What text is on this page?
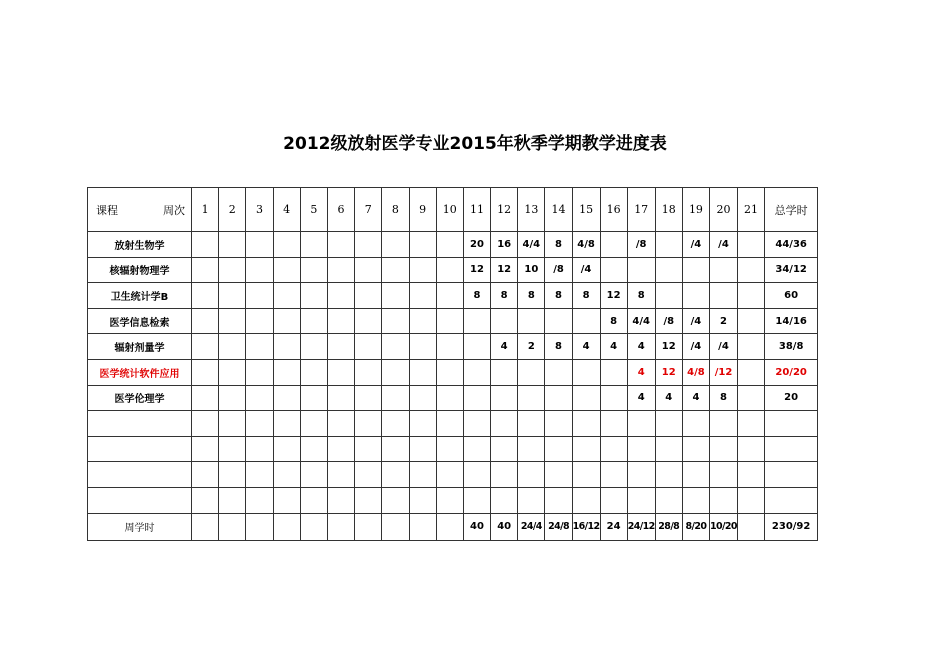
2012级放射医学专业2015年秋季学期教学进度表
课程 周次	1	2	3	4	5	6	7	8	9	10	11	12	13	14	15	16	17	18	19	20	21	总学时
放射生物学											20	16	4/4	8	4/8		/8		/4	/4		44/36
核辐射物理学											12	12	10	/8	/4							34/12
卫生统计学B											8	8	8	8	8	12	8					60
医学信息检索																8	4/4	/8	/4	2		14/16
辐射剂量学												4	2	8	4	4	4	12	/4	/4		38/8
医学统计软件应用																	4	12	4/8	/12		20/20
医学伦理学																	4	4	4	8		20

周学时											40	40	24/4	24/8	16/12	24	24/12	28/8	8/20	10/20		230/92
